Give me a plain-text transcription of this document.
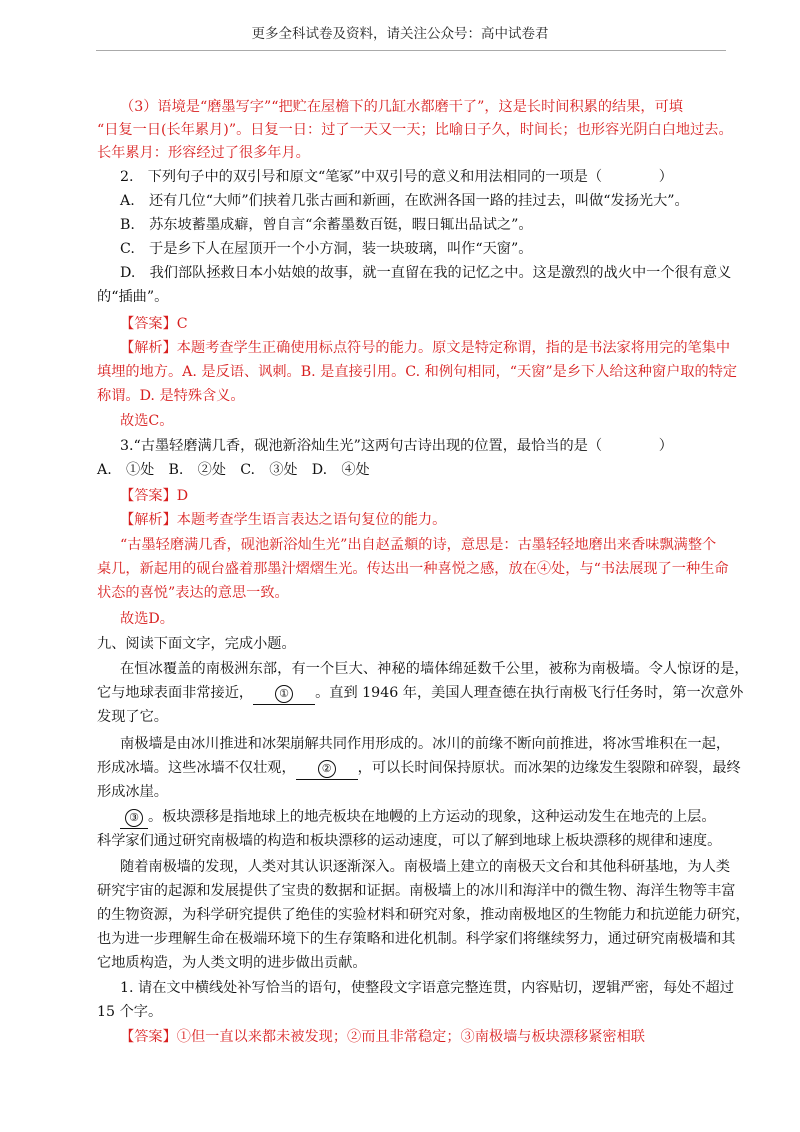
更多全科试卷及资料，请关注公众号：高中试卷君
（3）语境是“磨墨写字”“把贮在屋檐下的几缸水都磨干了”，这是长时间积累的结果，可填
“日复一日(长年累月)”。日复一日：过了一天又一天；比喻日子久，时间长；也形容光阴白白地过去。
长年累月：形容经过了很多年月。
2.　下列句子中的双引号和原文“笔冢”中双引号的意义和用法相同的一项是（　　　　）
A.　还有几位“大师”们挟着几张古画和新画，在欧洲各国一路的挂过去，叫做“发扬光大”。
B.　苏东坡蓄墨成癖，曾自言“余蓄墨数百铤，暇日辄出品试之”。
C.　于是乡下人在屋顶开一个小方洞，装一块玻璃，叫作“天窗”。
D.　我们部队拯救日本小姑娘的故事，就一直留在我的记忆之中。这是激烈的战火中一个很有意义
的“插曲”。
【答案】C
【解析】本题考查学生正确使用标点符号的能力。原文是特定称谓，指的是书法家将用完的笔集中
填埋的地方。A. 是反语、讽刺。B. 是直接引用。C. 和例句相同，“天窗”是乡下人给这种窗户取的特定
称谓。D. 是特殊含义。
故选C。
3.“古墨轻磨满几香，砚池新浴灿生光”这两句古诗出现的位置，最恰当的是（　　　　）
A.　①处　B.　②处　C.　③处　D.　④处
【答案】D
【解析】本题考查学生语言表达之语句复位的能力。
“古墨轻磨满几香，砚池新浴灿生光”出自赵孟頫的诗，意思是：古墨轻轻地磨出来香味飘满整个
桌几，新起用的砚台盛着那墨汁熠熠生光。传达出一种喜悦之感，放在④处，与“书法展现了一种生命
状态的喜悦”表达的意思一致。
故选D。
九、阅读下面文字，完成小题。
在恒冰覆盖的南极洲东部，有一个巨大、神秘的墙体绵延数千公里，被称为南极墙。令人惊讶的是，
它与地球表面非常接近， ① 。直到 1946 年，美国人理查德在执行南极飞行任务时，第一次意外
发现了它。
南极墙是由冰川推进和冰架崩解共同作用形成的。冰川的前缘不断向前推进，将冰雪堆积在一起，
形成冰墙。这些冰墙不仅壮观， ② ，可以长时间保持原状。而冰架的边缘发生裂隙和碎裂，最终
形成冰崖。
③ 。板块漂移是指地球上的地壳板块在地幔的上方运动的现象，这种运动发生在地壳的上层。
科学家们通过研究南极墙的构造和板块漂移的运动速度，可以了解到地球上板块漂移的规律和速度。
随着南极墙的发现，人类对其认识逐渐深入。南极墙上建立的南极天文台和其他科研基地，为人类
研究宇宙的起源和发展提供了宝贵的数据和证据。南极墙上的冰川和海洋中的微生物、海洋生物等丰富
的生物资源，为科学研究提供了绝佳的实验材料和研究对象，推动南极地区的生物能力和抗逆能力研究，
也为进一步理解生命在极端环境下的生存策略和进化机制。科学家们将继续努力，通过研究南极墙和其
它地质构造，为人类文明的进步做出贡献。
1. 请在文中横线处补写恰当的语句，使整段文字语意完整连贯，内容贴切，逻辑严密，每处不超过
15 个字。
【答案】①但一直以来都未被发现；②而且非常稳定；③南极墙与板块漂移紧密相联
